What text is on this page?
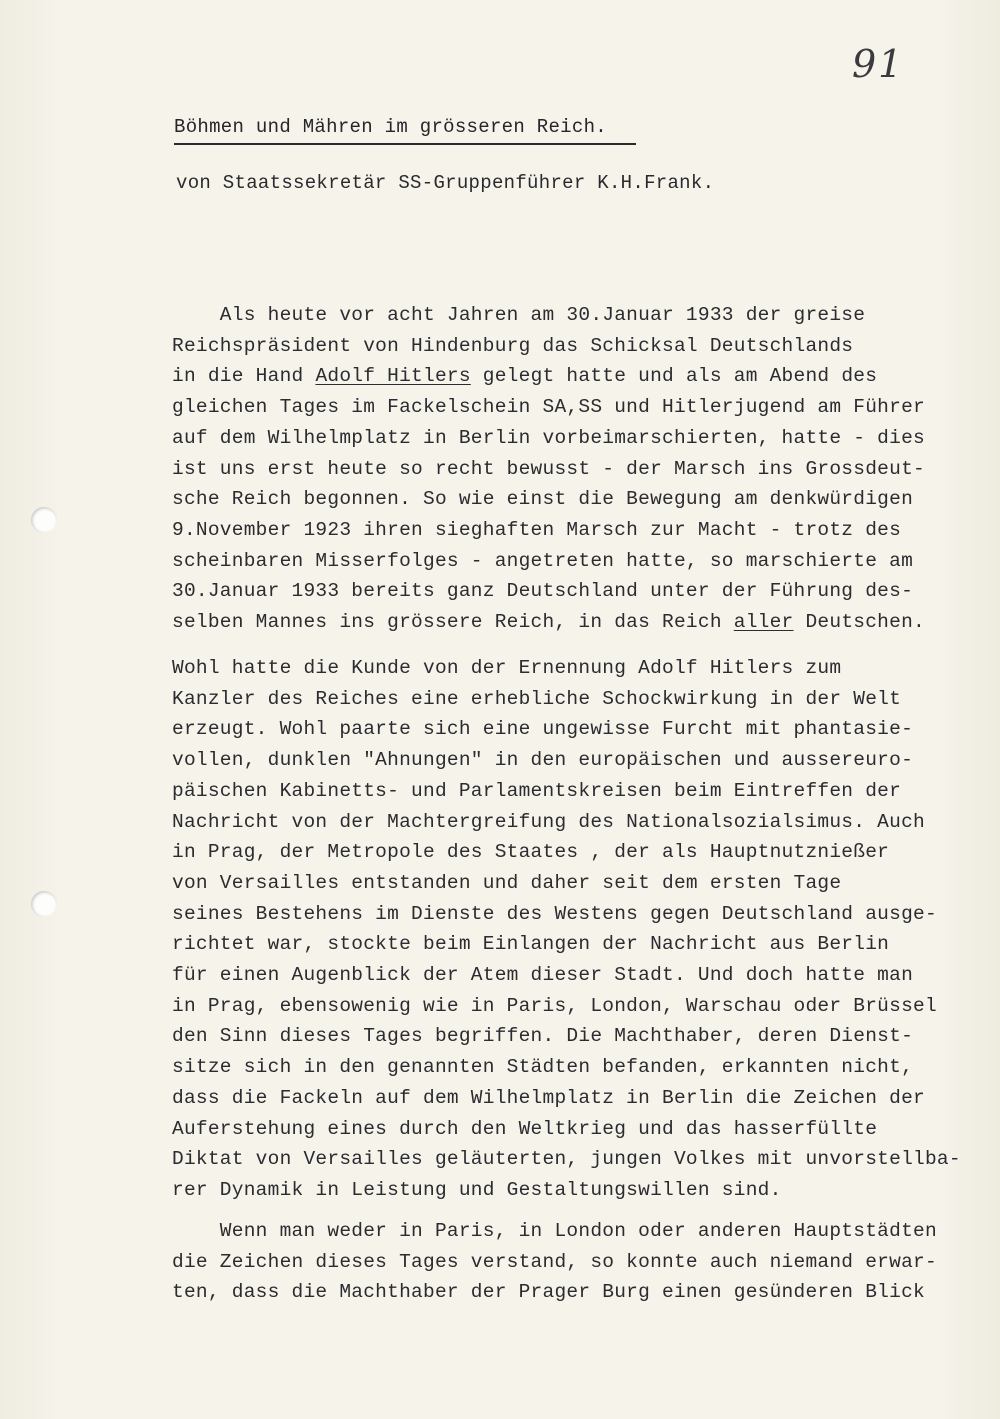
91
Böhmen und Mähren im grösseren Reich.
von Staatssekretär SS-Gruppenführer K.H.Frank.
Als heute vor acht Jahren am 30.Januar 1933 der greise
Reichspräsident von Hindenburg das Schicksal Deutschlands
in die Hand Adolf Hitlers gelegt hatte und als am Abend des
gleichen Tages im Fackelschein SA,SS und Hitlerjugend am Führer
auf dem Wilhelmplatz in Berlin vorbeimarschierten, hatte - dies
ist uns erst heute so recht bewusst - der Marsch ins Grossdeut-
sche Reich begonnen. So wie einst die Bewegung am denkwürdigen
9.November 1923 ihren sieghaften Marsch zur Macht - trotz des
scheinbaren Misserfolges - angetreten hatte, so marschierte am
30.Januar 1933 bereits ganz Deutschland unter der Führung des-
selben Mannes ins grössere Reich, in das Reich aller Deutschen.
Wohl hatte die Kunde von der Ernennung Adolf Hitlers zum
Kanzler des Reiches eine erhebliche Schockwirkung in der Welt
erzeugt. Wohl paarte sich eine ungewisse Furcht mit phantasie-
vollen, dunklen "Ahnungen" in den europäischen und aussereuro-
päischen Kabinetts- und Parlamentskreisen beim Eintreffen der
Nachricht von der Machtergreifung des Nationalsozialsimus. Auch
in Prag, der Metropole des Staates , der als Hauptnutznießer
von Versailles entstanden und daher seit dem ersten Tage
seines Bestehens im Dienste des Westens gegen Deutschland ausge-
richtet war, stockte beim Einlangen der Nachricht aus Berlin
für einen Augenblick der Atem dieser Stadt. Und doch hatte man
in Prag, ebensowenig wie in Paris, London, Warschau oder Brüssel
den Sinn dieses Tages begriffen. Die Machthaber, deren Dienst-
sitze sich in den genannten Städten befanden, erkannten nicht,
dass die Fackeln auf dem Wilhelmplatz in Berlin die Zeichen der
Auferstehung eines durch den Weltkrieg und das hasserfüllte
Diktat von Versailles geläuterten, jungen Volkes mit unvorstellba-
rer Dynamik in Leistung und Gestaltungswillen sind.
Wenn man weder in Paris, in London oder anderen Hauptstädten
die Zeichen dieses Tages verstand, so konnte auch niemand erwar-
ten, dass die Machthaber der Prager Burg einen gesünderen Blick
